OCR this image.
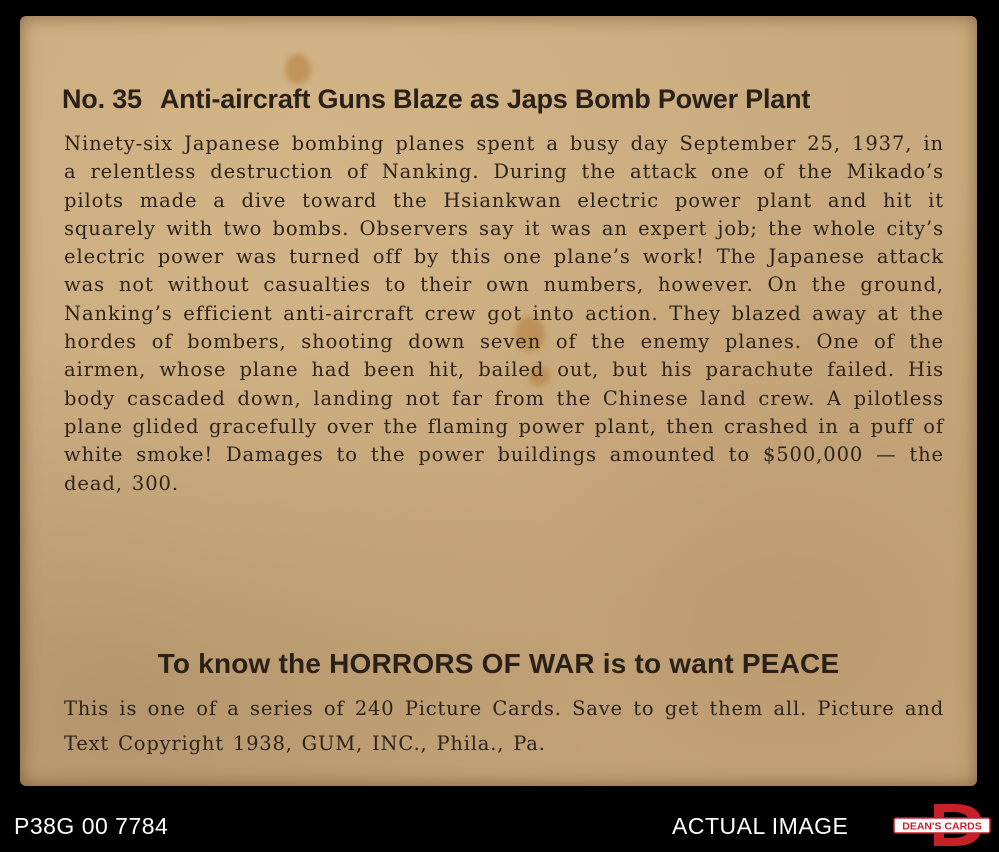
No. 35 Anti-aircraft Guns Blaze as Japs Bomb Power Plant

Ninety-six Japanese bombing planes spent a busy day September 25, 1937, in a relentless destruction of Nanking. During the attack one of the Mikado’s pilots made a dive toward the Hsiankwan electric power plant and hit it squarely with two bombs. Observers say it was an expert job; the whole city’s electric power was turned off by this one plane’s work! The Japanese attack was not without casualties to their own numbers, however. On the ground, Nanking’s efficient anti-aircraft crew got into action. They blazed away at the hordes of bombers, shooting down seven of the enemy planes. One of the airmen, whose plane had been hit, bailed out, but his parachute failed. His body cascaded down, landing not far from the Chinese land crew. A pilotless plane glided gracefully over the flaming power plant, then crashed in a puff of white smoke! Damages to the power buildings amounted to $500,000 — the dead, 300.

To know the HORRORS OF WAR is to want PEACE

This is one of a series of 240 Picture Cards. Save to get them all. Picture and Text Copyright 1938, GUM, INC., Phila., Pa.

P38G 00 7784	ACTUAL IMAGE	DEAN'S CARDS
